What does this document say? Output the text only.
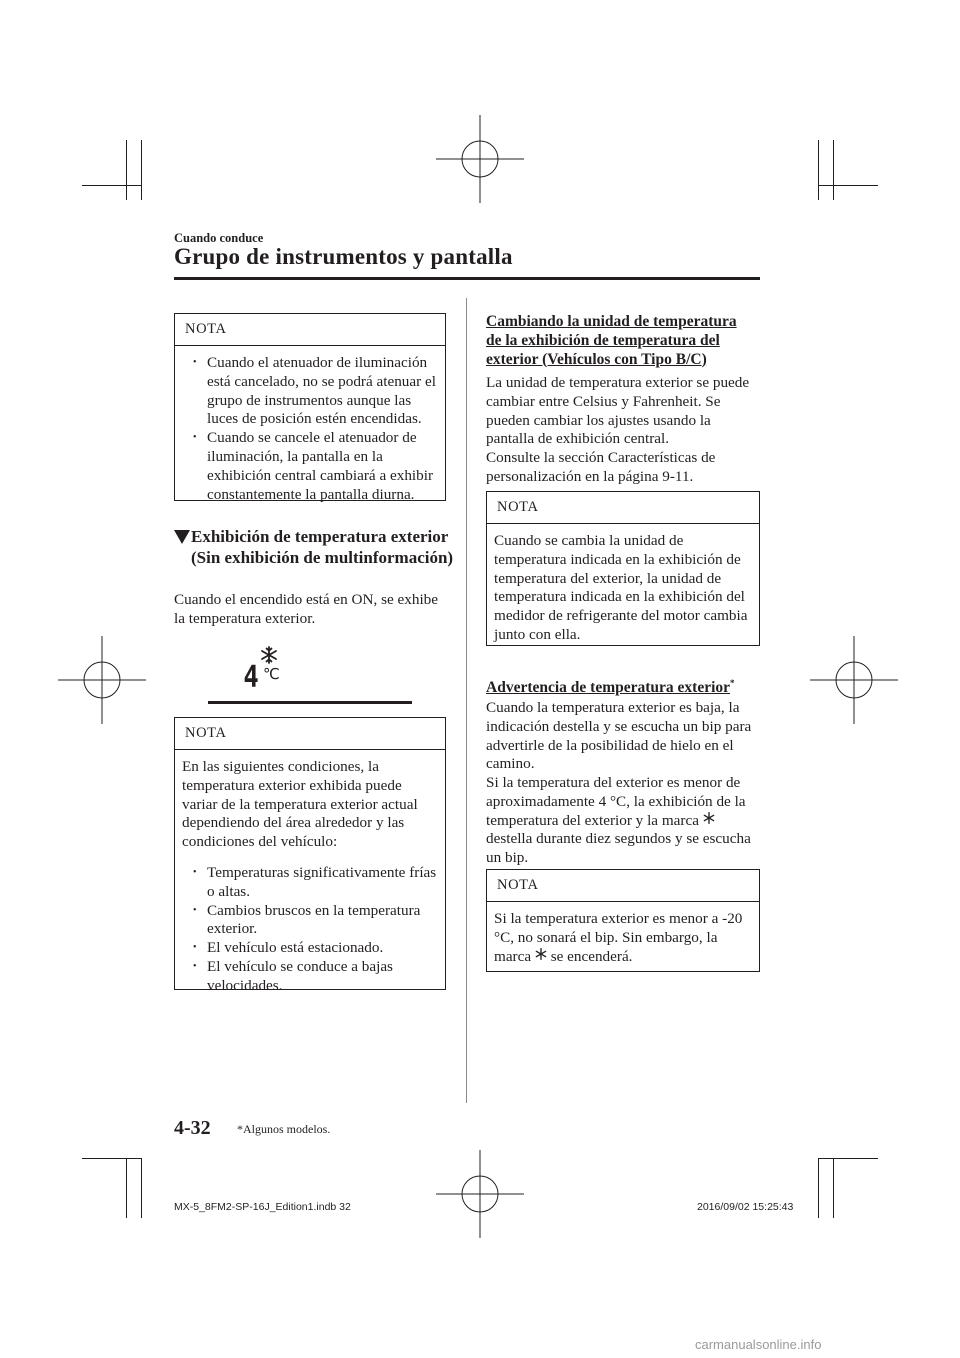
Cuando conduce
Grupo de instrumentos y pantalla
NOTA
• Cuando el atenuador de iluminación está cancelado, no se podrá atenuar el grupo de instrumentos aunque las luces de posición estén encendidas.
• Cuando se cancele el atenuador de iluminación, la pantalla en la exhibición central cambiará a exhibir constantemente la pantalla diurna.
Exhibición de temperatura exterior (Sin exhibición de multinformación)
Cuando el encendido está en ON, se exhibe la temperatura exterior.
4 ℃
NOTA
En las siguientes condiciones, la temperatura exterior exhibida puede variar de la temperatura exterior actual dependiendo del área alrededor y las condiciones del vehículo:
• Temperaturas significativamente frías o altas.
• Cambios bruscos en la temperatura exterior.
• El vehículo está estacionado.
• El vehículo se conduce a bajas velocidades.
Cambiando la unidad de temperatura de la exhibición de temperatura del exterior (Vehículos con Tipo B/C)
La unidad de temperatura exterior se puede cambiar entre Celsius y Fahrenheit. Se pueden cambiar los ajustes usando la pantalla de exhibición central.
Consulte la sección Características de personalización en la página 9-11.
NOTA
Cuando se cambia la unidad de temperatura indicada en la exhibición de temperatura del exterior, la unidad de temperatura indicada en la exhibición del medidor de refrigerante del motor cambia junto con ella.
Advertencia de temperatura exterior*
Cuando la temperatura exterior es baja, la indicación destella y se escucha un bip para advertirle de la posibilidad de hielo en el camino.
Si la temperatura del exterior es menor de aproximadamente 4 °C, la exhibición de la temperatura del exterior y la marca  destella durante diez segundos y se escucha un bip.
NOTA
Si la temperatura exterior es menor a -20 °C, no sonará el bip. Sin embargo, la marca se encenderá.
4-32 *Algunos modelos.
MX-5_8FM2-SP-16J_Edition1.indb 32	2016/09/02 15:25:43
carmanualsonline.info
